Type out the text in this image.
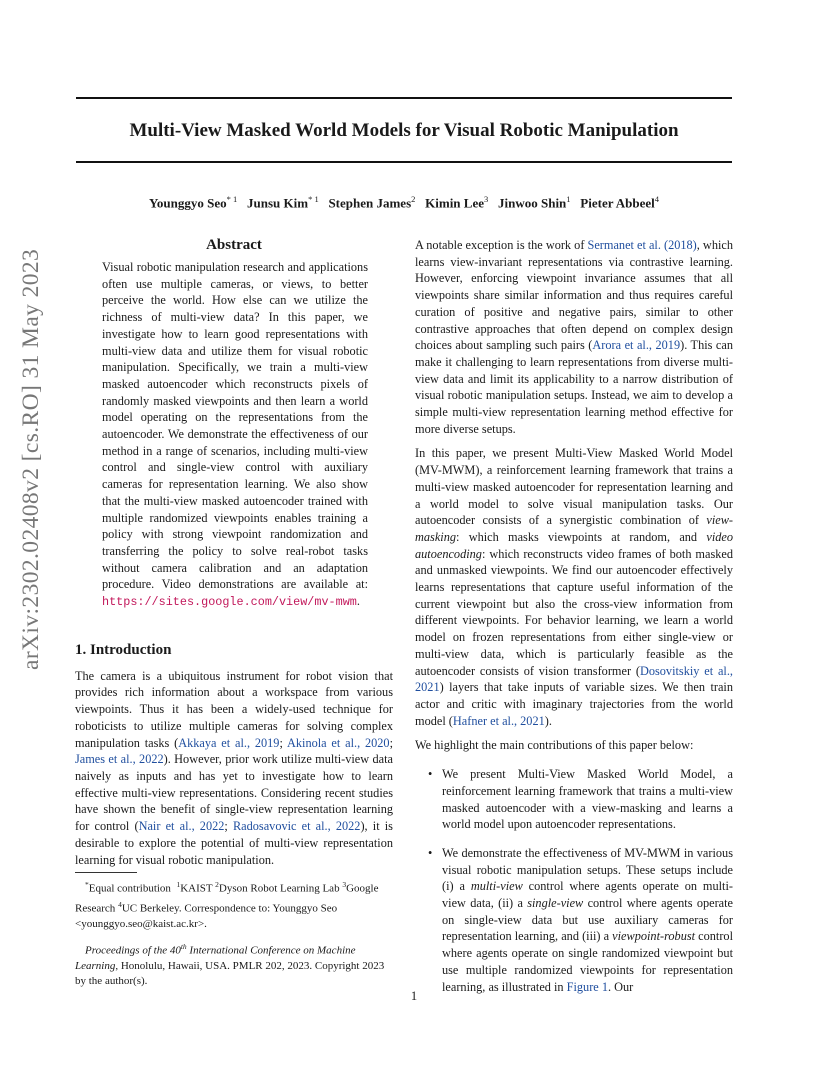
Multi-View Masked World Models for Visual Robotic Manipulation
Younggyo Seo$^{* 1}$ Junsu Kim$^{* 1}$ Stephen James$^2$ Kimin Lee$^3$ Jinwoo Shin$^1$ Pieter Abbeel$^4$
arXiv:2302.02408v2 [cs.RO] 31 May 2023
Abstract
Visual robotic manipulation research and applications often use multiple cameras, or views, to better perceive the world. How else can we utilize the richness of multi-view data? In this paper, we investigate how to learn good representations with multi-view data and utilize them for visual robotic manipulation. Specifically, we train a multi-view masked autoencoder which reconstructs pixels of randomly masked viewpoints and then learn a world model operating on the representations from the autoencoder. We demonstrate the effectiveness of our method in a range of scenarios, including multi-view control and single-view control with auxiliary cameras for representation learning. We also show that the multi-view masked autoencoder trained with multiple randomized viewpoints enables training a policy with strong viewpoint randomization and transferring the policy to solve real-robot tasks without camera calibration and an adaptation procedure. Video demonstrations are available at: https://sites.google.com/view/mv-mwm.
1. Introduction

The camera is a ubiquitous instrument for robot vision that provides rich information about a workspace from various viewpoints. Thus it has been a widely-used technique for roboticists to utilize multiple cameras for solving complex manipulation tasks (Akkaya et al., 2019; Akinola et al., 2020; James et al., 2022). However, prior work utilize multi-view data naively as inputs and has yet to investigate how to learn effective multi-view representations. Considering recent studies have shown the benefit of single-view representation learning for control (Nair et al., 2022; Radosavovic et al., 2022), it is desirable to explore the potential of multi-view representation learning for visual robotic manipulation.

*Equal contribution $^1$KAIST $^2$Dyson Robot Learning Lab $^3$Google Research $^4$UC Berkeley. Correspondence to: Younggyo Seo <younggyo.seo@kaist.ac.kr>.

Proceedings of the 40th International Conference on Machine Learning, Honolulu, Hawaii, USA. PMLR 202, 2023. Copyright 2023 by the author(s).

A notable exception is the work of Sermanet et al. (2018), which learns view-invariant representations via contrastive learning. However, enforcing viewpoint invariance assumes that all viewpoints share similar information and thus requires careful curation of positive and negative pairs, similar to other contrastive approaches that often depend on complex design choices about sampling such pairs (Arora et al., 2019). This can make it challenging to learn representations from diverse multi-view data and limit its applicability to a narrow distribution of visual robotic manipulation setups. Instead, we aim to develop a simple multi-view representation learning method effective for more diverse setups.

In this paper, we present Multi-View Masked World Model (MV-MWM), a reinforcement learning framework that trains a multi-view masked autoencoder for representation learning and a world model to solve visual manipulation tasks. Our autoencoder consists of a synergistic combination of view-masking: which masks viewpoints at random, and video autoencoding: which reconstructs video frames of both masked and unmasked viewpoints. We find our autoencoder effectively learns representations that capture useful information of the current viewpoint but also the cross-view information from different viewpoints. For behavior learning, we learn a world model on frozen representations from either single-view or multi-view data, which is particularly feasible as the autoencoder consists of vision transformer (Dosovitskiy et al., 2021) layers that take inputs of variable sizes. We then train actor and critic with imaginary trajectories from the world model (Hafner et al., 2021).

We highlight the main contributions of this paper below:

• We present Multi-View Masked World Model, a reinforcement learning framework that trains a multi-view masked autoencoder with a view-masking and learns a world model upon autoencoder representations.
• We demonstrate the effectiveness of MV-MWM in various visual robotic manipulation setups. These setups include (i) a multi-view control where agents operate on multi-view data, (ii) a single-view control where agents operate on single-view data but use auxiliary cameras for representation learning, and (iii) a viewpoint-robust control where agents operate on single randomized viewpoint but use multiple randomized viewpoints for representation learning, as illustrated in Figure 1. Our
1
